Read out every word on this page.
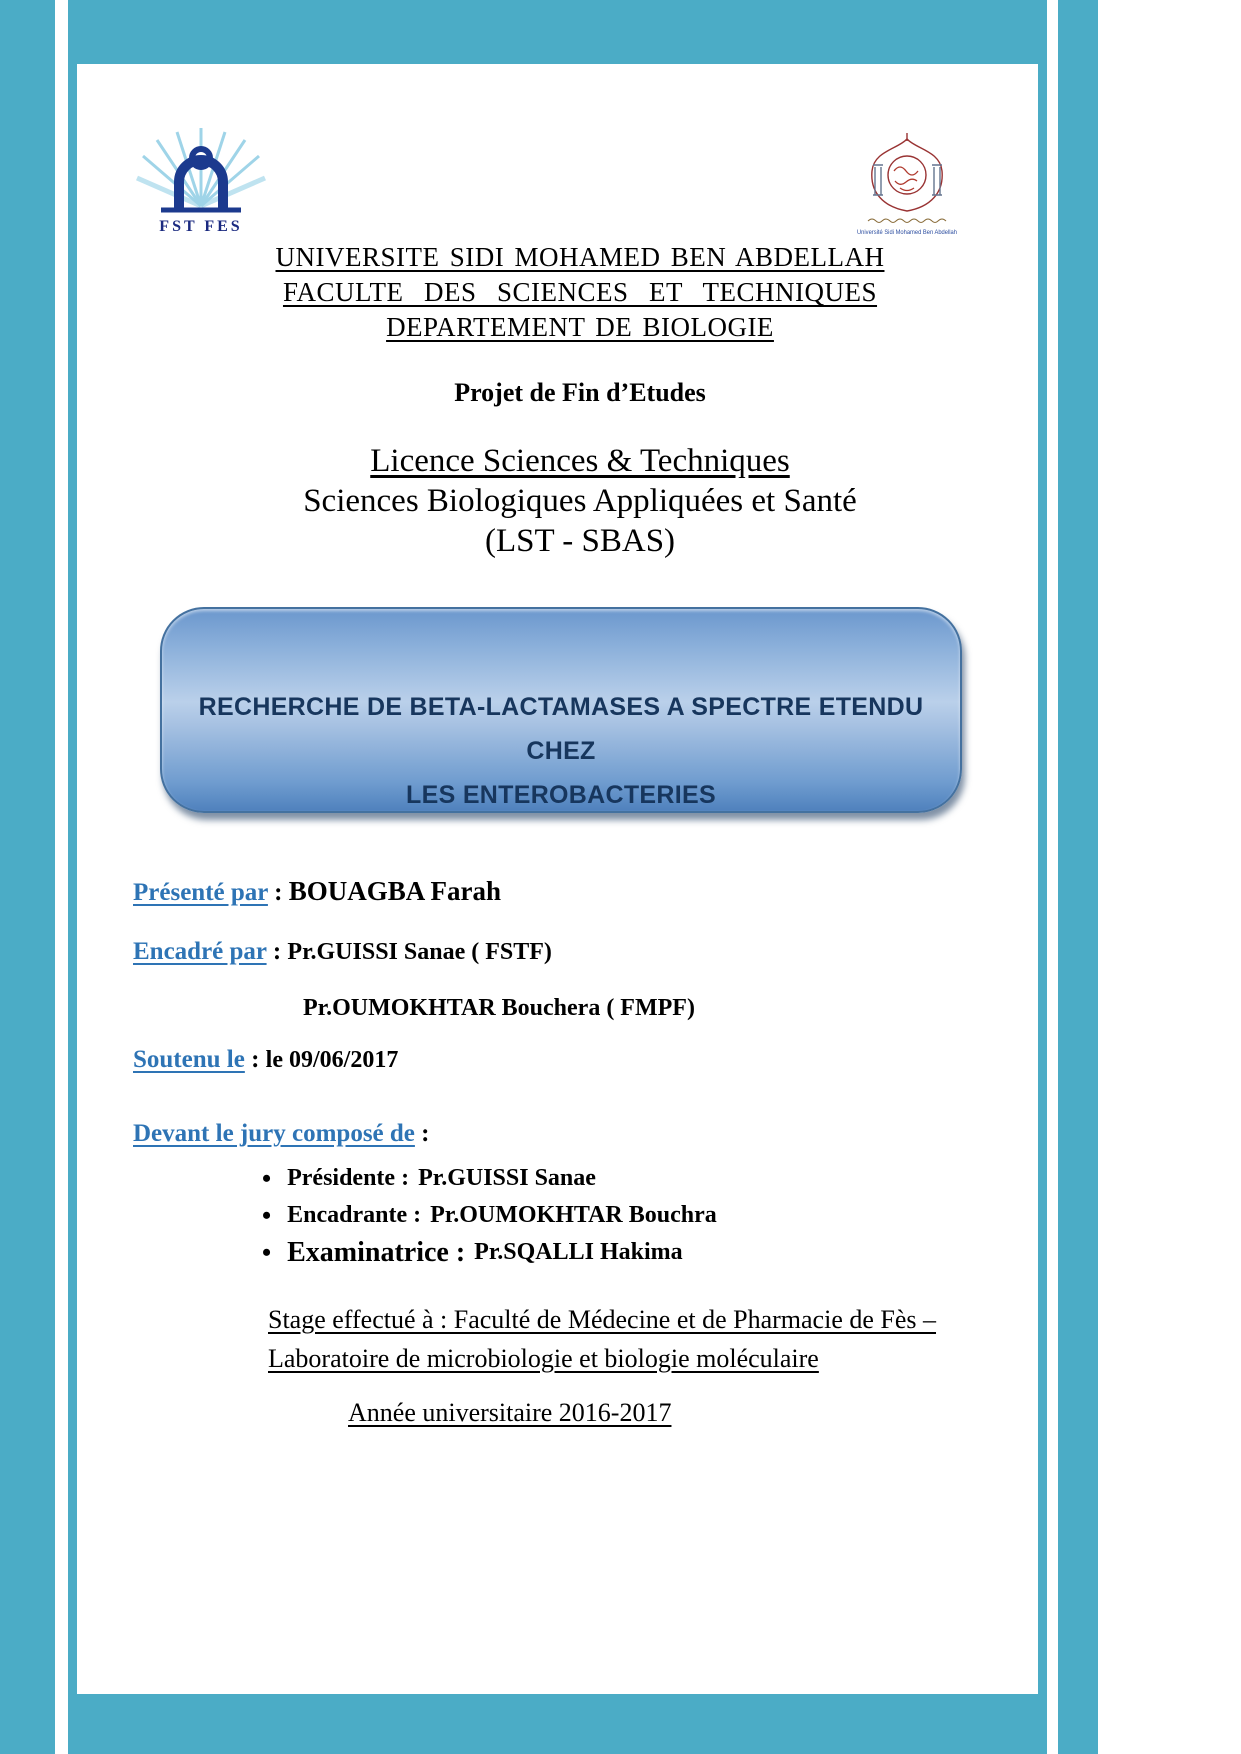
FST FES	Université Sidi Mohamed Ben Abdellah
UNIVERSITE SIDI MOHAMED BEN ABDELLAH
FACULTE  DES  SCIENCES  ET  TECHNIQUES
DEPARTEMENT DE BIOLOGIE
Projet de Fin d’Etudes
Licence Sciences & Techniques
Sciences Biologiques Appliquées et Santé
(LST - SBAS)
RECHERCHE DE BETA-LACTAMASES A SPECTRE ETENDU CHEZ
LES ENTEROBACTERIES
Présenté par : BOUAGBA Farah
Encadré par : Pr.GUISSI Sanae ( FSTF)
Pr.OUMOKHTAR Bouchera ( FMPF)
Soutenu le : le 09/06/2017
Devant le jury composé de :
• Présidente : Pr.GUISSI Sanae
• Encadrante : Pr.OUMOKHTAR Bouchra
• Examinatrice : Pr.SQALLI Hakima
Stage effectué à : Faculté de Médecine et de Pharmacie de Fès –
Laboratoire de microbiologie et biologie moléculaire
Année universitaire 2016-2017
